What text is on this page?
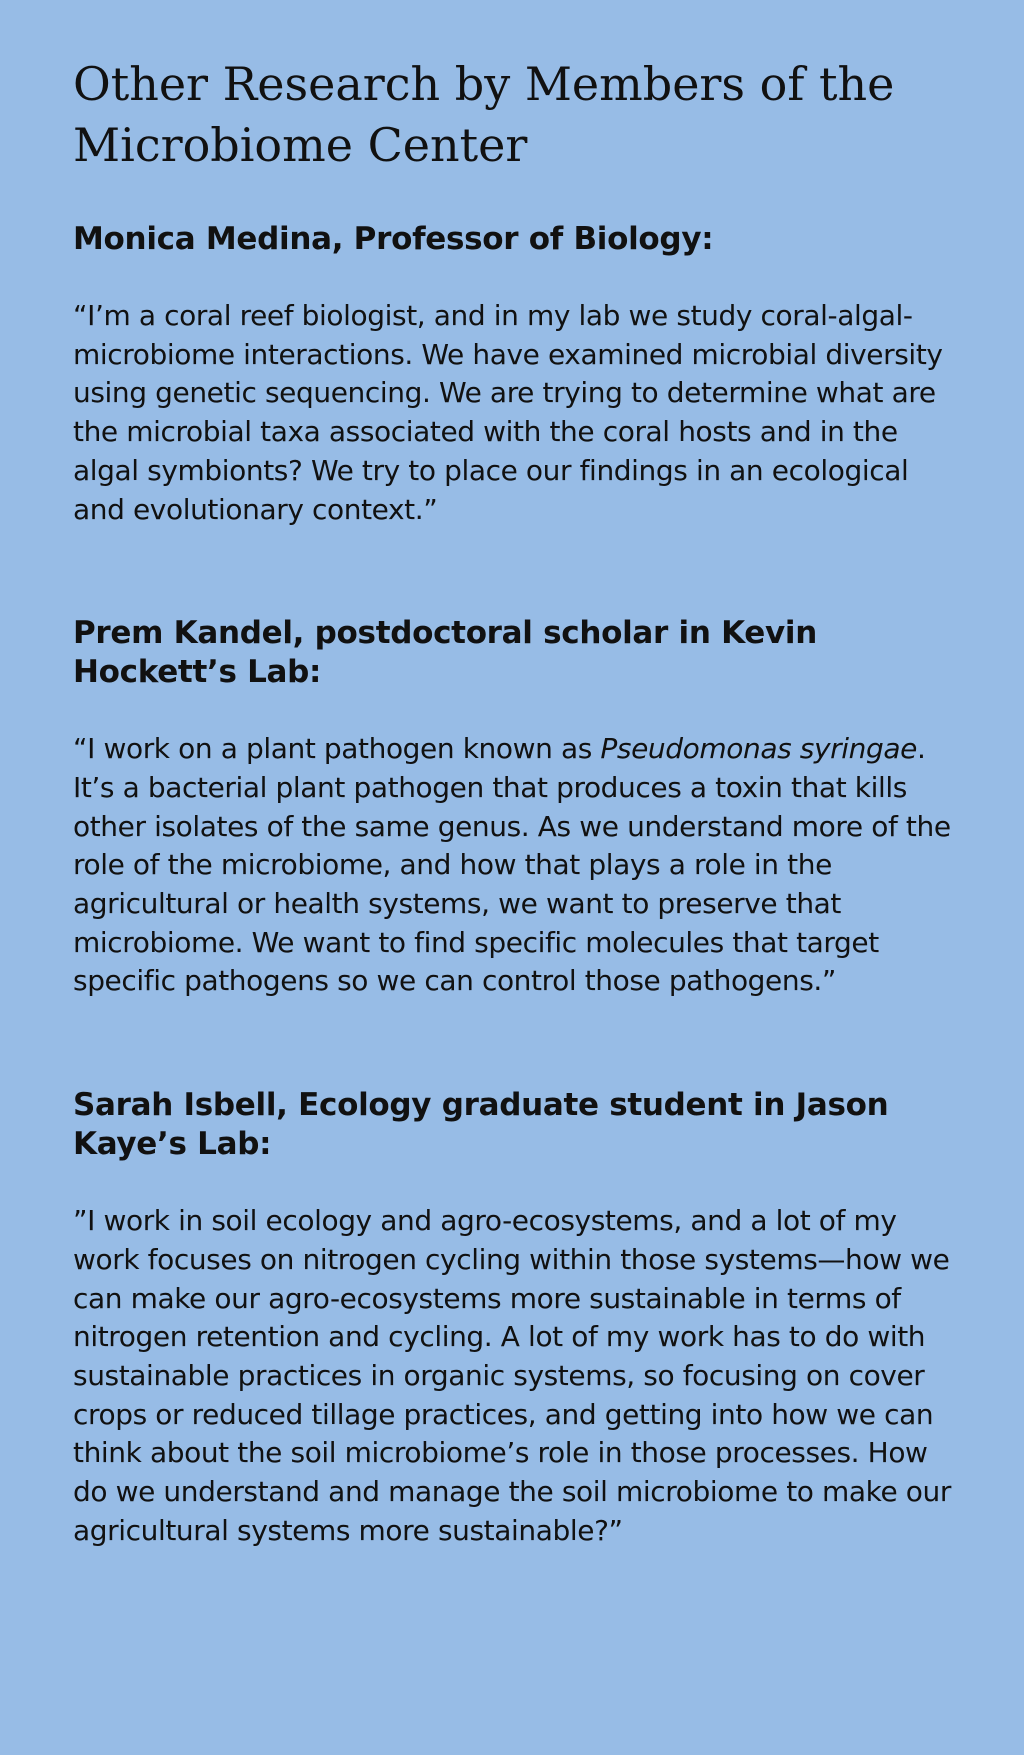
Other Research by Members of the Microbiome Center
Monica Medina, Professor of Biology:

“I’m a coral reef biologist, and in my lab we study coral-algal-microbiome interactions. We have examined microbial diversity using genetic sequencing. We are trying to determine what are the microbial taxa associated with the coral hosts and in the algal symbionts? We try to place our findings in an ecological and evolutionary context.”

Prem Kandel, postdoctoral scholar in Kevin Hockett’s Lab:

“I work on a plant pathogen known as Pseudomonas syringae. It’s a bacterial plant pathogen that produces a toxin that kills other isolates of the same genus. As we understand more of the role of the microbiome, and how that plays a role in the agricultural or health systems, we want to preserve that microbiome. We want to find specific molecules that target specific pathogens so we can control those pathogens.”

Sarah Isbell, Ecology graduate student in Jason Kaye’s Lab:

”I work in soil ecology and agro-ecosystems, and a lot of my work focuses on nitrogen cycling within those systems—how we can make our agro-ecosystems more sustainable in terms of nitrogen retention and cycling. A lot of my work has to do with sustainable practices in organic systems, so focusing on cover crops or reduced tillage practices, and getting into how we can think about the soil microbiome’s role in those processes. How do we understand and manage the soil microbiome to make our agricultural systems more sustainable?”
